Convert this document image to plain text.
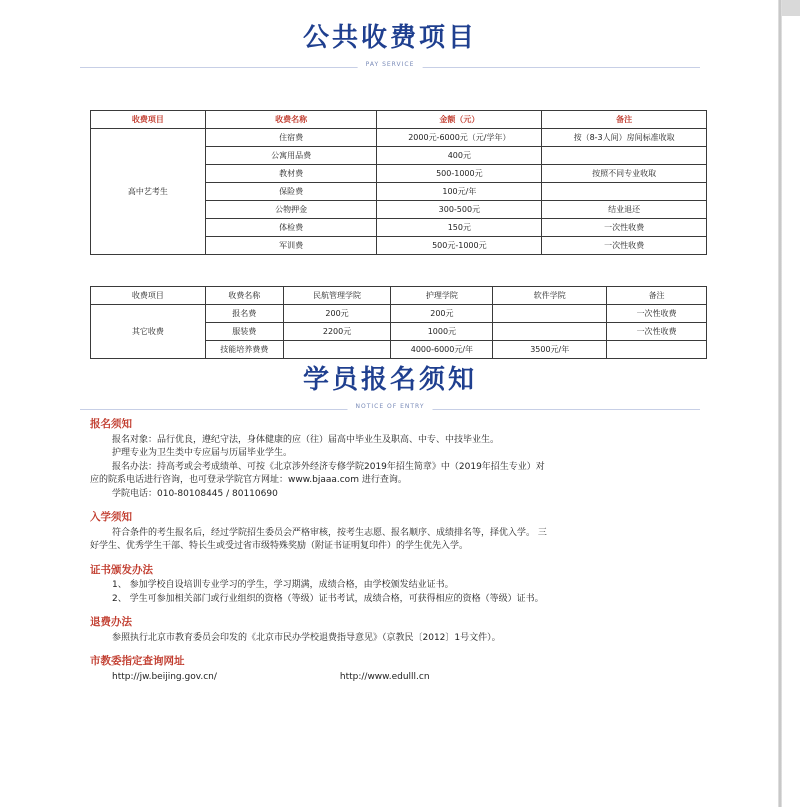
公共收费项目
PAY SERVICE
收费项目	收费名称	金额（元）	备注
高中艺考生	住宿费	2000元-6000元（元/学年）	按（8-3人间）房间标准收取
	公寓用品费	400元	
	教材费	500-1000元	按照不同专业收取
	保险费	100元/年	
	公物押金	300-500元	结业退还
	体检费	150元	一次性收费
	军训费	500元-1000元	一次性收费
收费项目	收费名称	民航管理学院	护理学院	软件学院	备注
其它收费	报名费	200元	200元		一次性收费
	服装费	2200元	1000元		一次性收费
	技能培养费费		4000-6000元/年	3500元/年	
学员报名须知
NOTICE OF ENTRY
报名须知

报名对象：品行优良，遵纪守法，身体健康的应（往）届高中毕业生及职高、中专、中技毕业生。

护理专业为卫生类中专应届与历届毕业学生。

报名办法：持高考或会考成绩单、可按《北京涉外经济专修学院2019年招生简章》中（2019年招生专业）对

应的院系电话进行咨询，也可登录学院官方网址：www.bjaaa.com 进行查询。

学院电话：010-80108445 / 80110690

入学须知

符合条件的考生报名后，经过学院招生委员会严格审核，按考生志愿、报名顺序、成绩排名等，择优入学。 三

好学生、优秀学生干部、特长生或受过省市级特殊奖励（附证书证明复印件）的学生优先入学。

证书颁发办法

1、 参加学校自设培训专业学习的学生，学习期满，成绩合格，由学校颁发结业证书。

2、 学生可参加相关部门或行业组织的资格（等级）证书考试，成绩合格，可获得相应的资格（等级）证书。

退费办法

参照执行北京市教育委员会印发的《北京市民办学校退费指导意见》（京教民〔2012〕1号文件）。

市教委指定查询网址

http://jw.beijing.gov.cn/	http://www.edulll.cn
